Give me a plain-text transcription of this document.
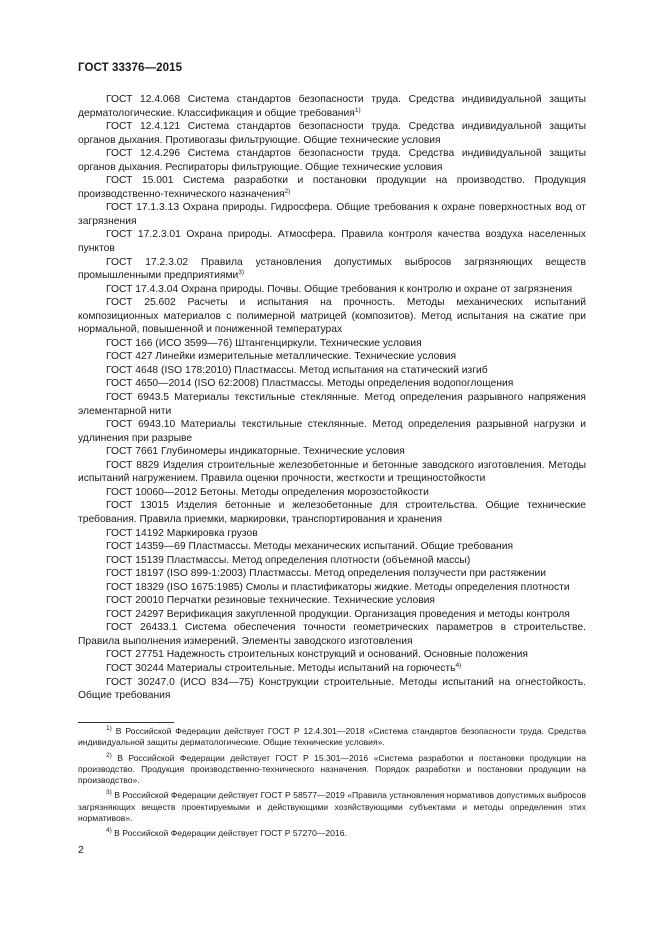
ГОСТ 33376—2015

ГОСТ 12.4.068 Система стандартов безопасности труда. Средства индивидуальной защиты дерматологические. Классификация и общие требования$^{1)}$

ГОСТ 12.4.121 Система стандартов безопасности труда. Средства индивидуальной защиты органов дыхания. Противогазы фильтрующие. Общие технические условия

ГОСТ 12.4.296 Система стандартов безопасности труда. Средства индивидуальной защиты органов дыхания. Респираторы фильтрующие. Общие технические условия

ГОСТ 15.001 Система разработки и постановки продукции на производство. Продукция производственно-технического назначения$^{2)}$

ГОСТ 17.1.3.13 Охрана природы. Гидросфера. Общие требования к охране поверхностных вод от загрязнения

ГОСТ 17.2.3.01 Охрана природы. Атмосфера. Правила контроля качества воздуха населенных пунктов

ГОСТ 17.2.3.02 Правила установления допустимых выбросов загрязняющих веществ промышленными предприятиями$^{3)}$

ГОСТ 17.4.3.04 Охрана природы. Почвы. Общие требования к контролю и охране от загрязнения

ГОСТ 25.602 Расчеты и испытания на прочность. Методы механических испытаний композиционных материалов с полимерной матрицей (композитов). Метод испытания на сжатие при нормальной, повышенной и пониженной температурах

ГОСТ 166 (ИСО 3599—76) Штангенциркули. Технические условия

ГОСТ 427 Линейки измерительные металлические. Технические условия

ГОСТ 4648 (ISO 178:2010) Пластмассы. Метод испытания на статический изгиб

ГОСТ 4650—2014 (ISO 62:2008) Пластмассы. Методы определения водопоглощения

ГОСТ 6943.5 Материалы текстильные стеклянные. Метод определения разрывного напряжения элементарной нити

ГОСТ 6943.10 Материалы текстильные стеклянные. Метод определения разрывной нагрузки и удлинения при разрыве

ГОСТ 7661 Глубиномеры индикаторные. Технические условия

ГОСТ 8829 Изделия строительные железобетонные и бетонные заводского изготовления. Методы испытаний нагружением. Правила оценки прочности, жесткости и трещиностойкости

ГОСТ 10060—2012 Бетоны. Методы определения морозостойкости

ГОСТ 13015 Изделия бетонные и железобетонные для строительства. Общие технические требования. Правила приемки, маркировки, транспортирования и хранения

ГОСТ 14192 Маркировка грузов

ГОСТ 14359—69 Пластмассы. Методы механических испытаний. Общие требования

ГОСТ 15139 Пластмассы. Метод определения плотности (объемной массы)

ГОСТ 18197 (ISO 899-1:2003) Пластмассы. Метод определения ползучести при растяжении

ГОСТ 18329 (ISO 1675:1985) Смолы и пластификаторы жидкие. Методы определения плотности

ГОСТ 20010 Перчатки резиновые технические. Технические условия

ГОСТ 24297 Верификация закупленной продукции. Организация проведения и методы контроля

ГОСТ 26433.1 Система обеспечения точности геометрических параметров в строительстве. Правила выполнения измерений. Элементы заводского изготовления

ГОСТ 27751 Надежность строительных конструкций и оснований. Основные положения

ГОСТ 30244 Материалы строительные. Методы испытаний на горючесть$^{4)}$

ГОСТ 30247.0 (ИСО 834—75) Конструкции строительные. Методы испытаний на огнестойкость. Общие требования

$^{1)}$ В Российской Федерации действует ГОСТ Р 12.4.301—2018 «Система стандартов безопасности труда. Средства индивидуальной защиты дерматологические. Общие технические условия».

$^{2)}$ В Российской Федерации действует ГОСТ Р 15.301—2016 «Система разработки и постановки продукции на производство. Продукция производственно-технического назначения. Порядок разработки и постановки продукции на производство».

$^{3)}$ В Российской Федерации действует ГОСТ Р 58577—2019 «Правила установления нормативов допустимых выбросов загрязняющих веществ проектируемыми и действующими хозяйствующими субъектами и методы определения этих нормативов».

$^{4)}$ В Российской Федерации действует ГОСТ Р 57270—2016.

2
